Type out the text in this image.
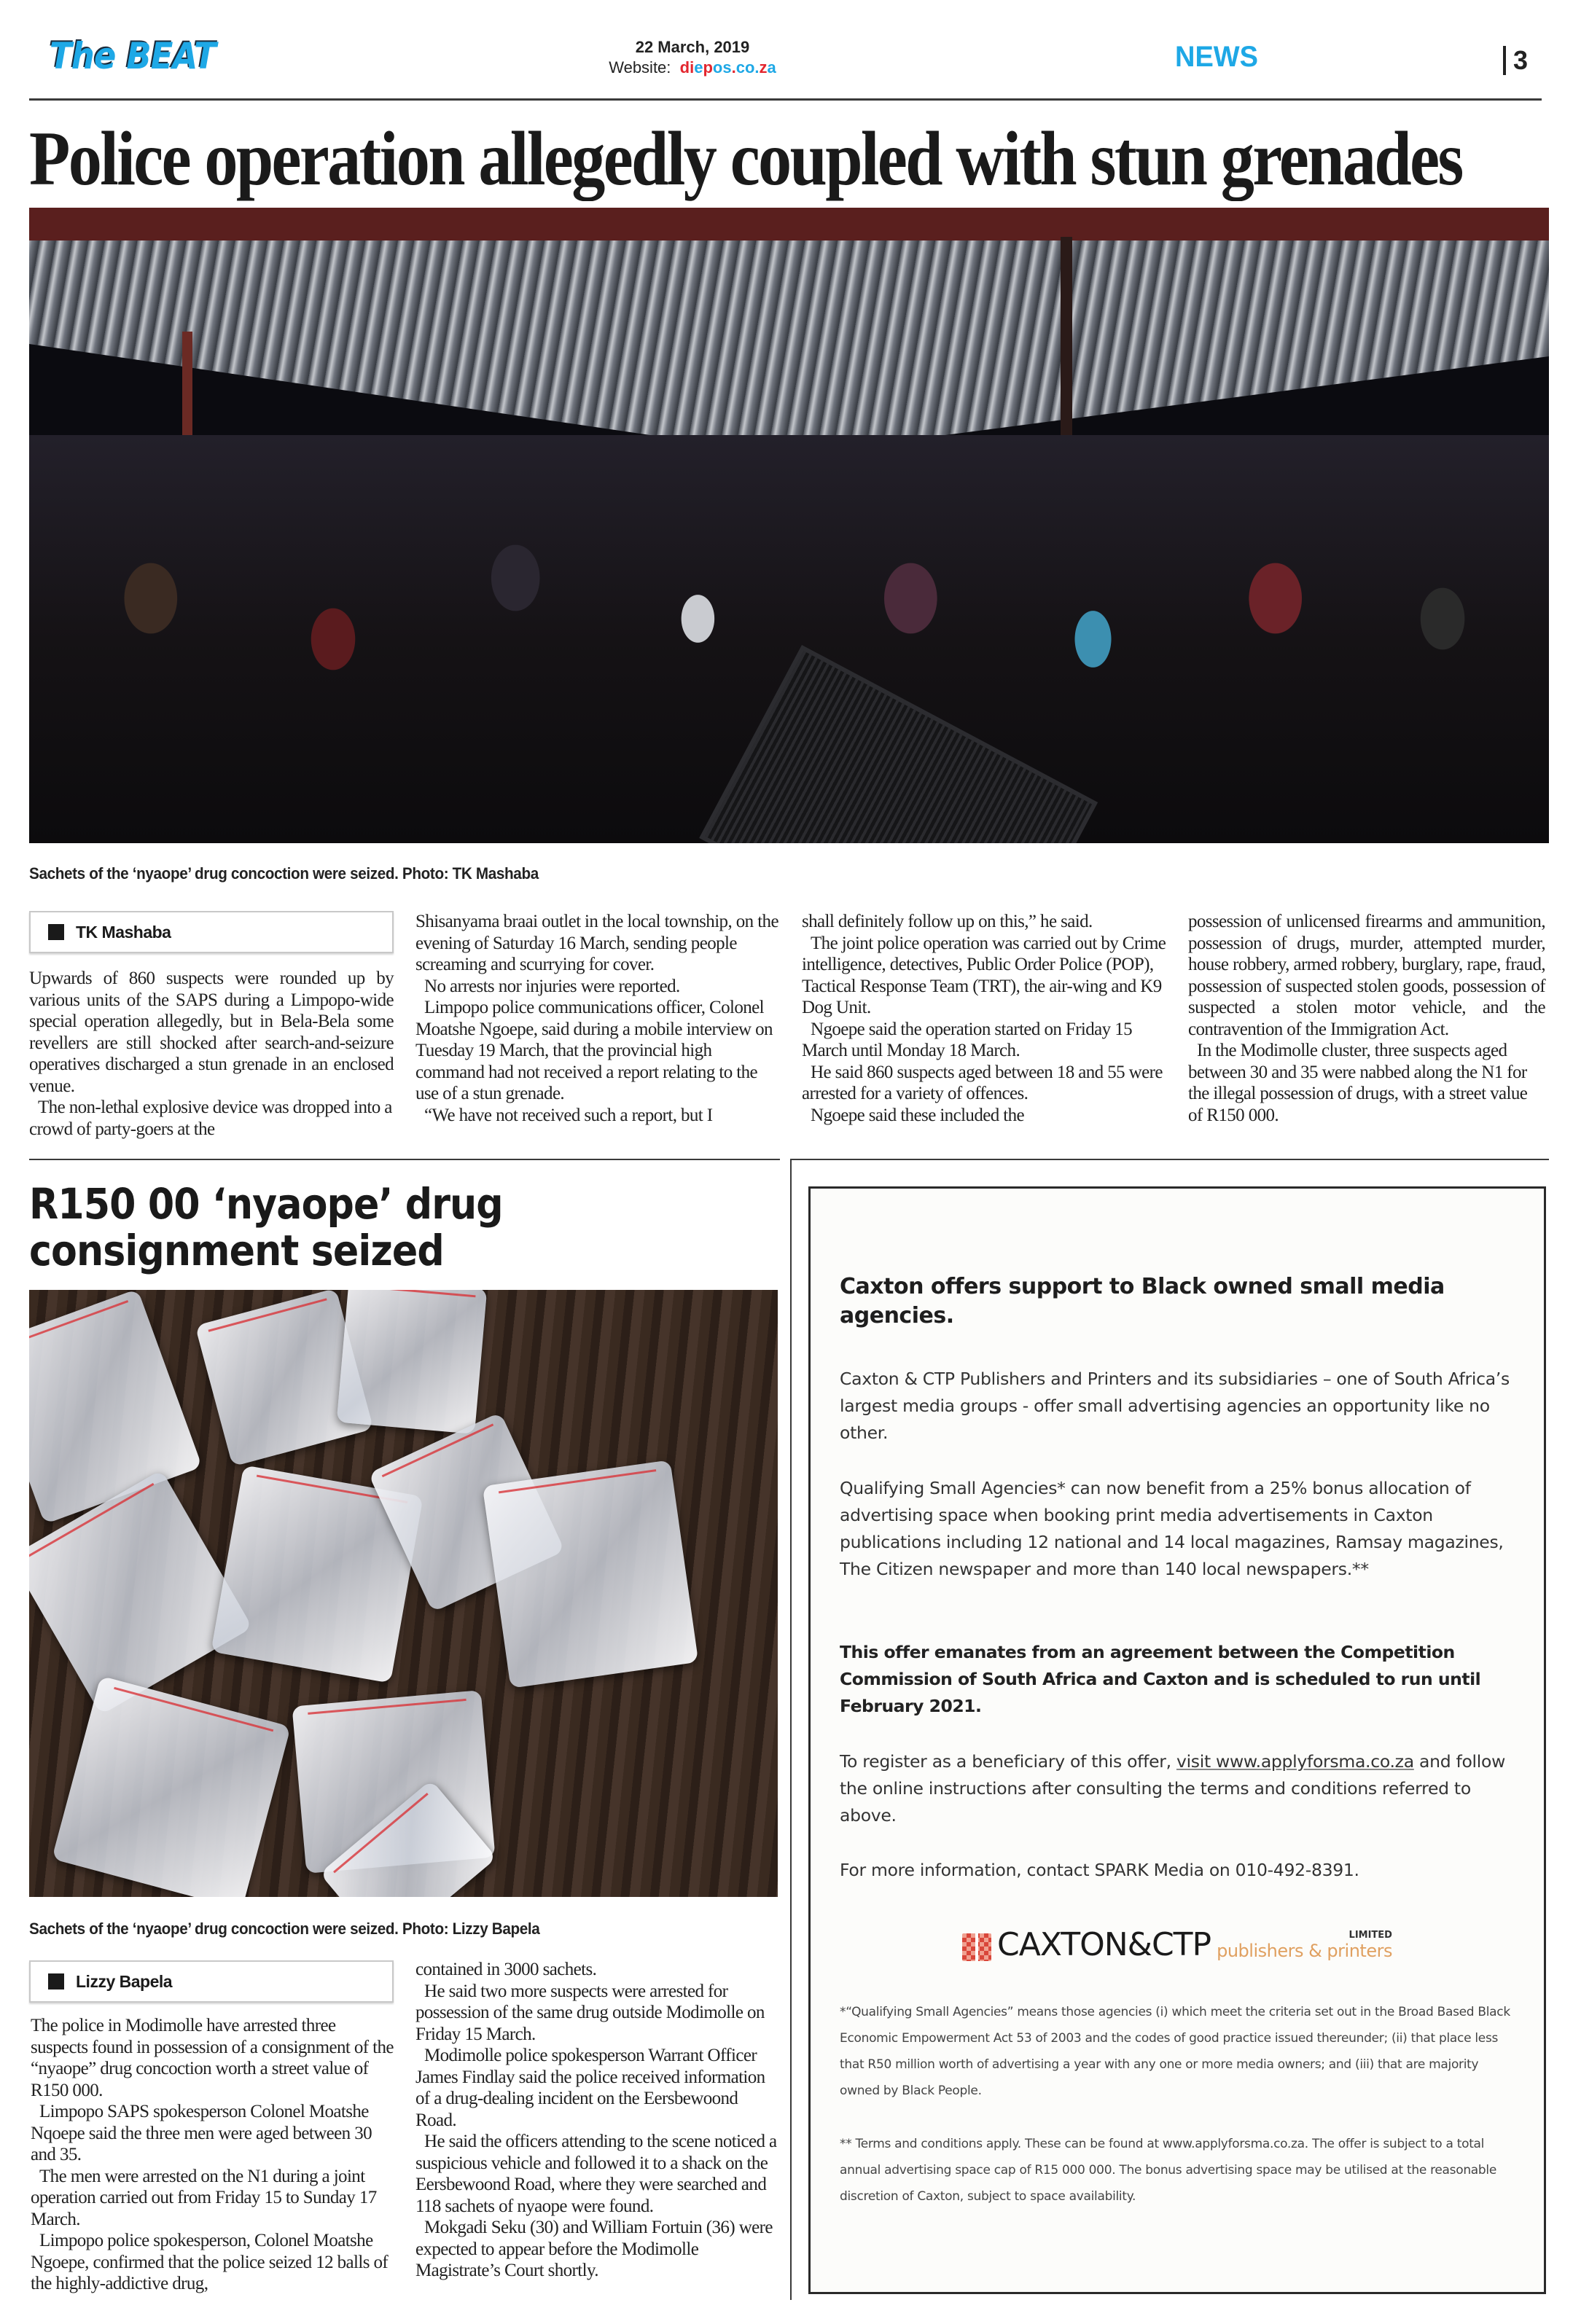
The BEAT	22 March, 2019
Website: diepos.co.za	NEWS	3
Police operation allegedly coupled with stun grenades
Sachets of the ‘nyaope’ drug concoction were seized. Photo: TK Mashaba
TK Mashaba

Upwards of 860 suspects were rounded up by various units of the SAPS during a Limpopo-wide special operation allegedly, but in Bela-Bela some revellers are still shocked after search-and-seizure operatives discharged a stun grenade in an enclosed venue.

The non-lethal explosive device was dropped into a crowd of party-goers at the

Shisanyama braai outlet in the local township, on the evening of Saturday 16 March, sending people screaming and scurrying for cover.

No arrests nor injuries were reported.

Limpopo police communications officer, Colonel Moatshe Ngoepe, said during a mobile interview on Tuesday 19 March, that the provincial high command had not received a report relating to the use of a stun grenade.

“We have not received such a report, but I

shall definitely follow up on this,” he said.

The joint police operation was carried out by Crime intelligence, detectives, Public Order Police (POP), Tactical Response Team (TRT), the air-wing and K9 Dog Unit.

Ngoepe said the operation started on Friday 15 March until Monday 18 March.

He said 860 suspects aged between 18 and 55 were arrested for a variety of offences.

Ngoepe said these included the

possession of unlicensed firearms and ammunition, possession of drugs, murder, attempted murder, house robbery, armed robbery, burglary, rape, fraud, possession of suspected stolen goods, possession of suspected a stolen motor vehicle, and the contravention of the Immigration Act.

In the Modimolle cluster, three suspects aged between 30 and 35 were nabbed along the N1 for the illegal possession of drugs, with a street value of R150 000.

R150 00 ‘nyaope’ drug
consignment seized
Sachets of the ‘nyaope’ drug concoction were seized. Photo: Lizzy Bapela
Lizzy Bapela

The police in Modimolle have arrested three suspects found in possession of a consignment of the “nyaope” drug concoction worth a street value of R150 000.

Limpopo SAPS spokesperson Colonel Moatshe Nqoepe said the three men were aged between 30 and 35.

The men were arrested on the N1 during a joint operation carried out from Friday 15 to Sunday 17 March.

Limpopo police spokesperson, Colonel Moatshe Ngoepe, confirmed that the police seized 12 balls of the highly-addictive drug,

contained in 3000 sachets.

He said two more suspects were arrested for possession of the same drug outside Modimolle on Friday 15 March.

Modimolle police spokesperson Warrant Officer James Findlay said the police received information of a drug-dealing incident on the Eersbewoond Road.

He said the officers attending to the scene noticed a suspicious vehicle and followed it to a shack on the Eersbewoond Road, where they were searched and 118 sachets of nyaope were found.

Mokgadi Seku (30) and William Fortuin (36) were expected to appear before the Modimolle Magistrate’s Court shortly.

Caxton offers support to Black owned small media agencies.

Caxton & CTP Publishers and Printers and its subsidiaries – one of South Africa’s largest media groups - offer small advertising agencies an opportunity like no other.

Qualifying Small Agencies* can now benefit from a 25% bonus allocation of advertising space when booking print media advertisements in Caxton publications including 12 national and 14 local magazines, Ramsay magazines, The Citizen newspaper and more than 140 local newspapers.**

This offer emanates from an agreement between the Competition Commission of South Africa and Caxton and is scheduled to run until February 2021.

To register as a beneficiary of this offer, visit www.applyforsma.co.za and follow the online instructions after consulting the terms and conditions referred to above.

For more information, contact SPARK Media on 010-492-8391.

CAXTON&CTP	LIMITED
publishers & printers

*“Qualifying Small Agencies” means those agencies (i) which meet the criteria set out in the Broad Based Black Economic Empowerment Act 53 of 2003 and the codes of good practice issued thereunder; (ii) that place less that R50 million worth of advertising a year with any one or more media owners; and (iii) that are majority owned by Black People.

** Terms and conditions apply. These can be found at www.applyforsma.co.za. The offer is subject to a total annual advertising space cap of R15 000 000. The bonus advertising space may be utilised at the reasonable discretion of Caxton, subject to space availability.
